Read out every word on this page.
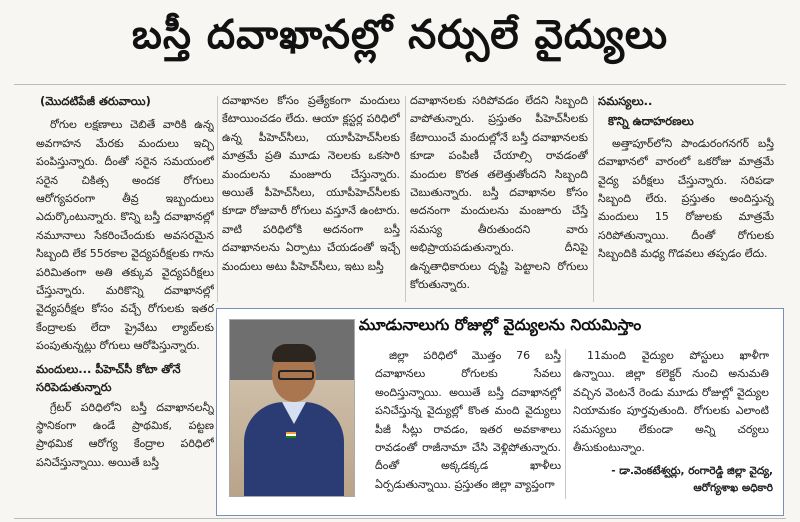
బస్తీ దవాఖానల్లో నర్సులే వైద్యులు
(మొదటిపేజీ తరువాయి)

రోగుల లక్షణాలు చెబితే వారికి ఉన్న అవగాహన మేరకు మందులు ఇచ్చి పంపిస్తున్నారు. దీంతో సరైన సమయంలో సరైన చికిత్స అందక రోగులు ఆరోగ్యపరంగా తీవ్ర ఇబ్బందులు ఎదుర్కొంటున్నారు. కొన్ని బస్తీ దవాఖానల్లో నమూనాలు సేకరించేందుకు అవసరమైన సిబ్బంది లేక 55రకాల వైద్యపరీక్షలకు గాను పరిమితంగా అతి తక్కువ వైద్యపరీక్షలు చేస్తున్నారు. మరికొన్ని దవాఖానల్లో వైద్యపరీక్షల కోసం వచ్చే రోగులకు ఇతర కేంద్రాలకు లేదా ప్రైవేటు ల్యాబ్‌లకు పంపుతున్నట్లు రోగులు ఆరోపిస్తున్నారు.

మందులు... పీహెచ్‌సీ కోటా తోనే సరిపెడుతున్నారు

గ్రేటర్ పరిధిలోని బస్తీ దవాఖానలన్నీ స్థానికంగా ఉండే ప్రాథమిక, పట్టణ ప్రాథమిక ఆరోగ్య కేంద్రాల పరిధిలో పనిచేస్తున్నాయి. అయితే బస్తీ

దవాఖానల కోసం ప్రత్యేకంగా మందులు కేటాయించడం లేదు. ఆయా క్లస్టర్ల పరిధిలో ఉన్న పీహెచ్‌సీలు, యూపీహెచ్‌సీలకు మాత్రమే ప్రతి మూడు నెలలకు ఒకసారి మందులను మంజూరు చేస్తున్నారు. అయితే పీహెచ్‌సీలు, యూపీహెచ్‌సీలకు కూడా రోజువారీ రోగులు వస్తూనే ఉంటారు. వాటి పరిధిలోకి అదనంగా బస్తీ దవాఖానలను ఏర్పాటు చేయడంతో ఇచ్చే మందులు అటు పీహెచ్‌సీలు, ఇటు బస్తీ

దవాఖానలకు సరిపోవడం లేదని సిబ్బంది వాపోతున్నారు. ప్రస్తుతం పీహెచ్‌సీలకు కేటాయించే మందుల్లోనే బస్తీ దవాఖానలకు కూడా పంపిణీ చేయాల్సి రావడంతో మందుల కొరత తలెత్తుతోందని సిబ్బంది చెబుతున్నారు. బస్తీ దవాఖానల కోసం అదనంగా మందులను మంజూరు చేస్తే సమస్య తీరుతుందని వారు అభిప్రాయపడుతున్నారు. దీనిపై ఉన్నతాధికారులు దృష్టి పెట్టాలని రోగులు కోరుతున్నారు.

సమస్యలు..
కొన్ని ఉదాహరణలు

అత్తాపూర్‌లోని పాండురంగనగర్ బస్తీ దవాఖానలో వారంలో ఒకరోజు మాత్రమే వైద్య పరీక్షలు చేస్తున్నారు. సరిపడా సిబ్బంది లేరు. ప్రస్తుతం అందిస్తున్న మందులు 15 రోజులకు మాత్రమే సరిపోతున్నాయి. దీంతో రోగులకు సిబ్బందికి మధ్య గొడవలు తప్పడం లేదు.

మూడునాలుగు రోజుల్లో వైద్యులను నియమిస్తాం

జిల్లా పరిధిలో మొత్తం 76 బస్తీ దవాఖానలు రోగులకు సేవలు అందిస్తున్నాయి. అయితే బస్తీ దవాఖానల్లో పనిచేస్తున్న వైద్యుల్లో కొంత మంది వైద్యులు పీజీ సీట్లు రావడం, ఇతర అవకాశాలు రావడంతో రాజీనామా చేసి వెళ్లిపోతున్నారు. దీంతో అక్కడక్కడ ఖాళీలు ఏర్పడుతున్నాయి. ప్రస్తుతం జిల్లా వ్యాప్తంగా

11మంది వైద్యుల పోస్టులు ఖాళీగా ఉన్నాయి. జిల్లా కలెక్టర్ నుంచి అనుమతి వచ్చిన వెంటనే రెండు మూడు రోజుల్లో వైద్యుల నియామకం పూర్తవుతుంది. రోగులకు ఎలాంటి సమస్యలు లేకుండా అన్ని చర్యలు తీసుకుంటున్నాం.

- డా.వెంకటేశ్వర్లు, రంగారెడ్డి జిల్లా వైద్య, ఆరోగ్యశాఖ అధికారి
